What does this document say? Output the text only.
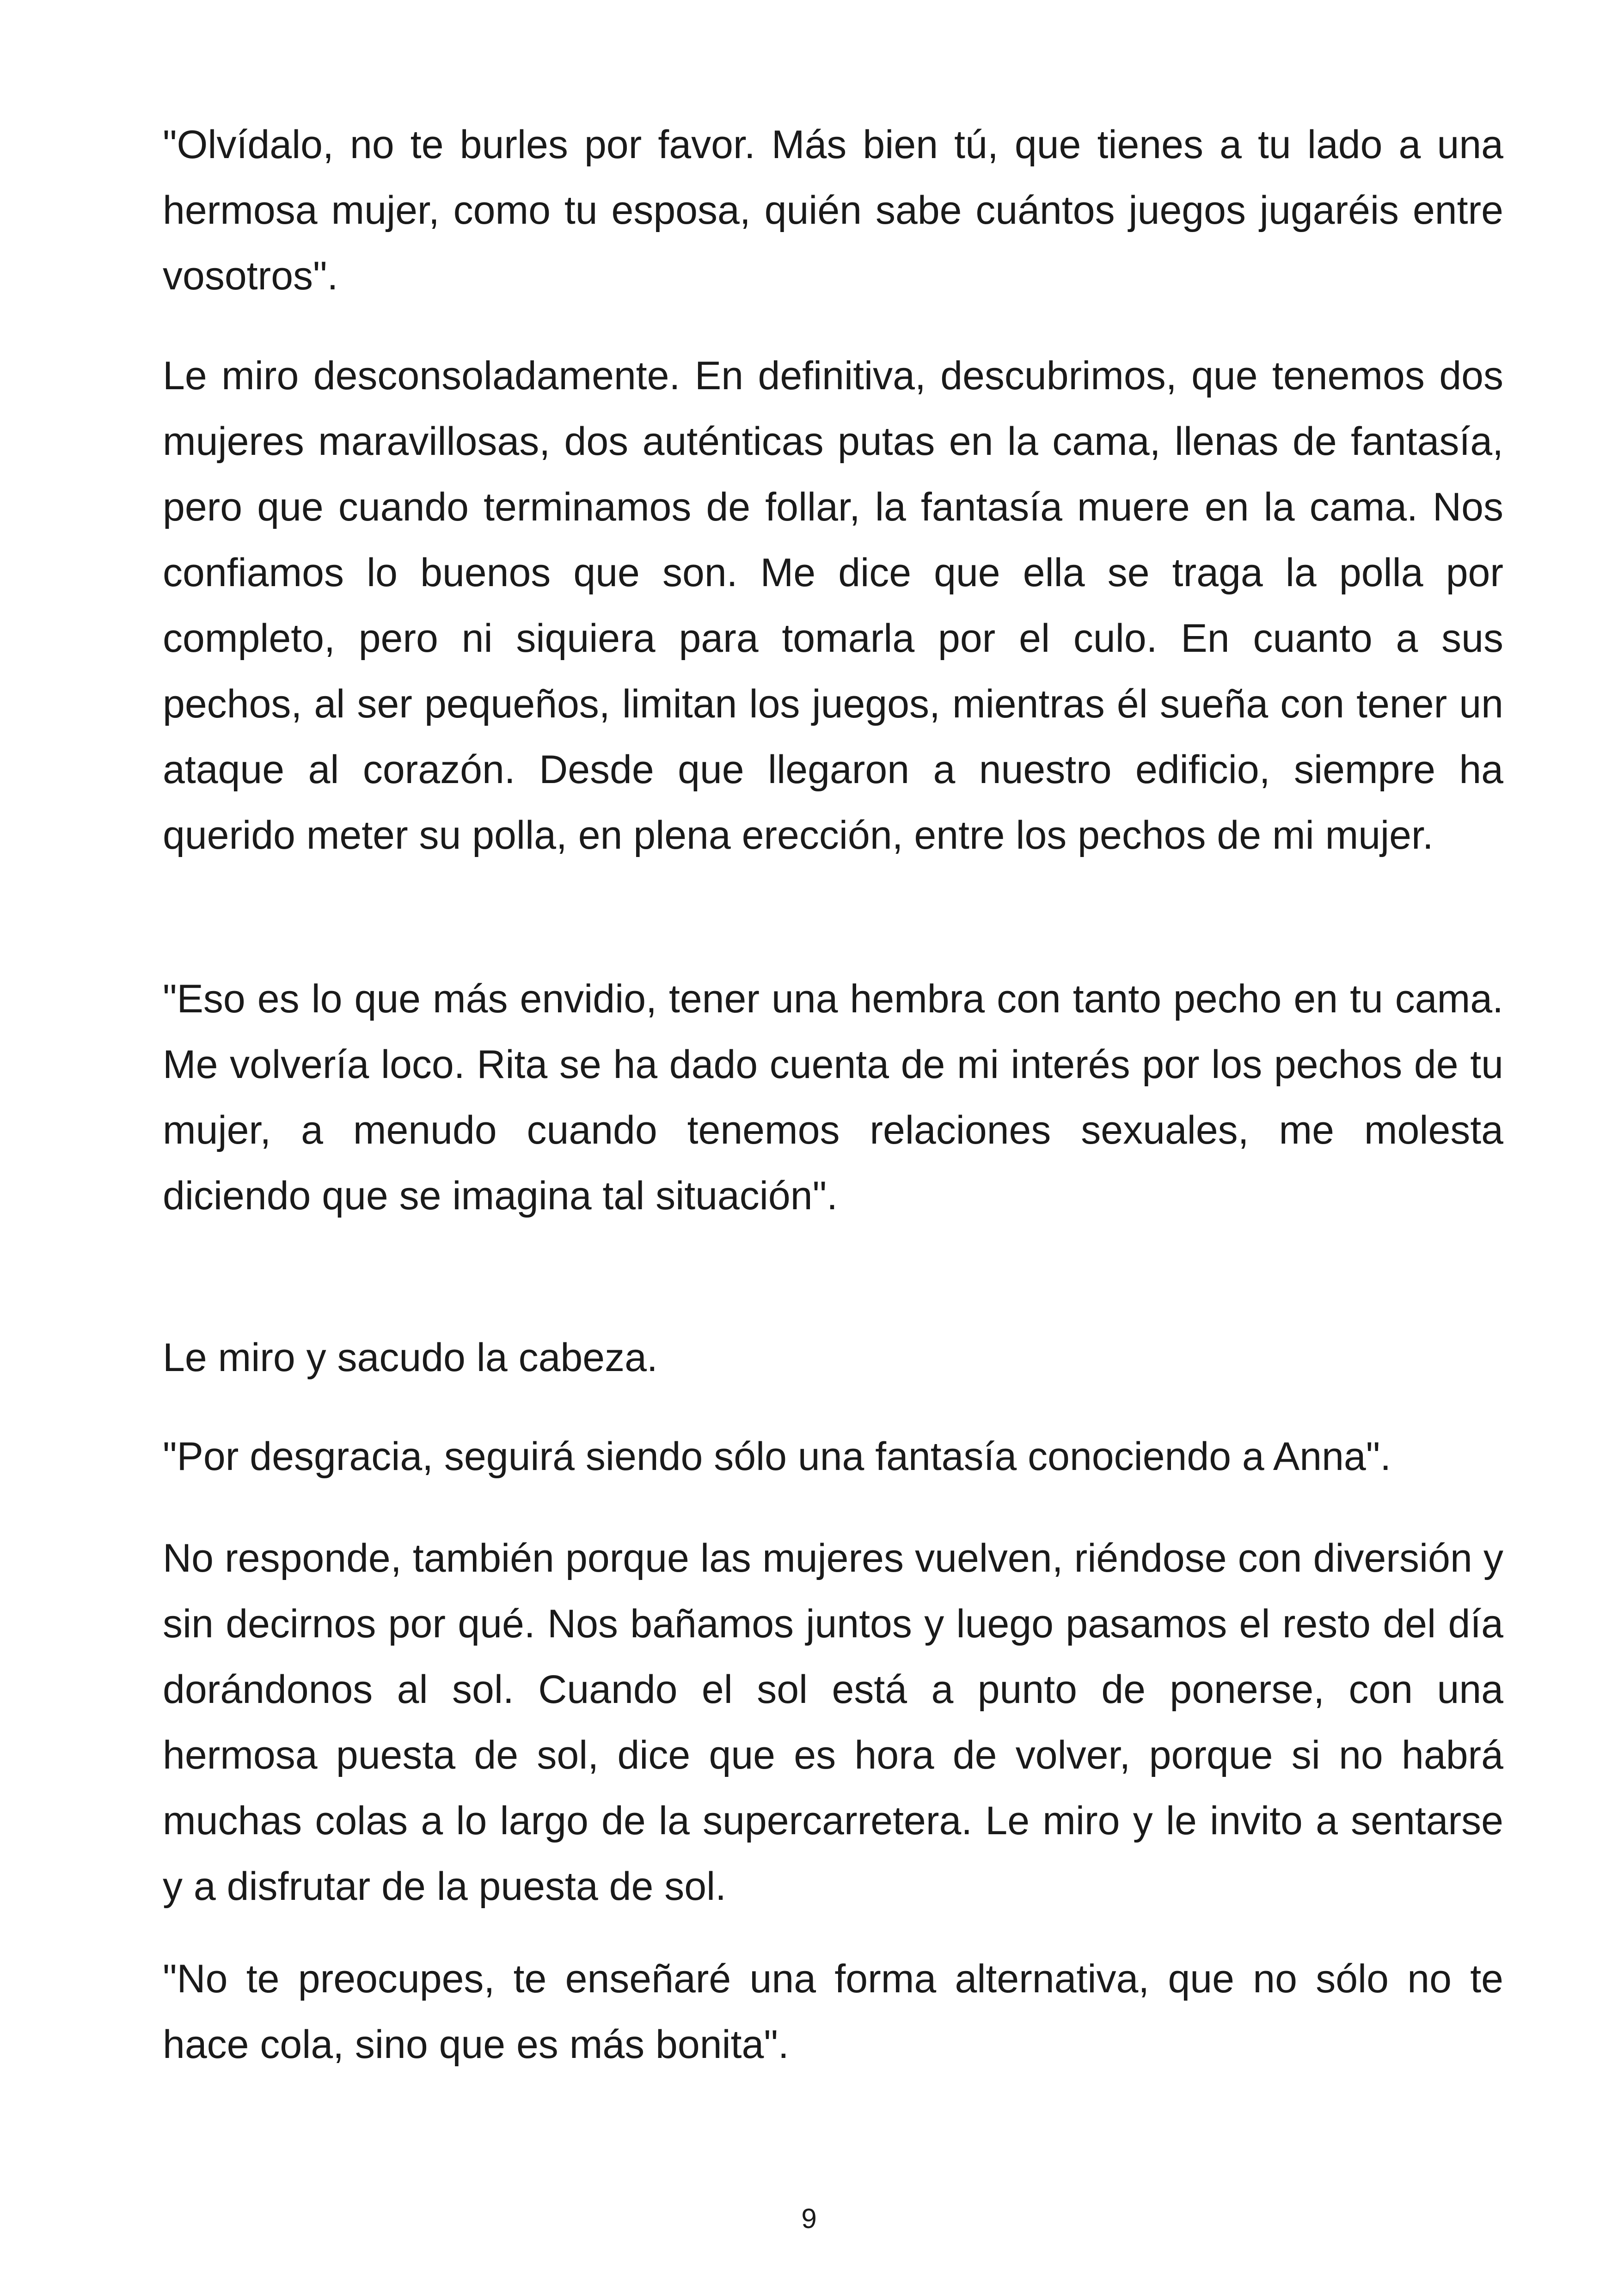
"Olvídalo, no te burles por favor. Más bien tú, que tienes a tu lado a una hermosa mujer, como tu esposa, quién sabe cuántos juegos jugaréis entre vosotros".

Le miro desconsoladamente. En definitiva, descubrimos, que tenemos dos mujeres maravillosas, dos auténticas putas en la cama, llenas de fantasía, pero que cuando terminamos de follar, la fantasía muere en la cama. Nos confiamos lo buenos que son. Me dice que ella se traga la polla por completo, pero ni siquiera para tomarla por el culo. En cuanto a sus pechos, al ser pequeños, limitan los juegos, mientras él sueña con tener un ataque al corazón. Desde que llegaron a nuestro edificio, siempre ha querido meter su polla, en plena erección, entre los pechos de mi mujer.

"Eso es lo que más envidio, tener una hembra con tanto pecho en tu cama. Me volvería loco. Rita se ha dado cuenta de mi interés por los pechos de tu mujer, a menudo cuando tenemos relaciones sexuales, me molesta diciendo que se imagina tal situación".

Le miro y sacudo la cabeza.

"Por desgracia, seguirá siendo sólo una fantasía conociendo a Anna".

No responde, también porque las mujeres vuelven, riéndose con diversión y sin decirnos por qué. Nos bañamos juntos y luego pasamos el resto del día dorándonos al sol. Cuando el sol está a punto de ponerse, con una hermosa puesta de sol, dice que es hora de volver, porque si no habrá muchas colas a lo largo de la supercarretera. Le miro y le invito a sentarse y a disfrutar de la puesta de sol.

"No te preocupes, te enseñaré una forma alternativa, que no sólo no te hace cola, sino que es más bonita".

9
